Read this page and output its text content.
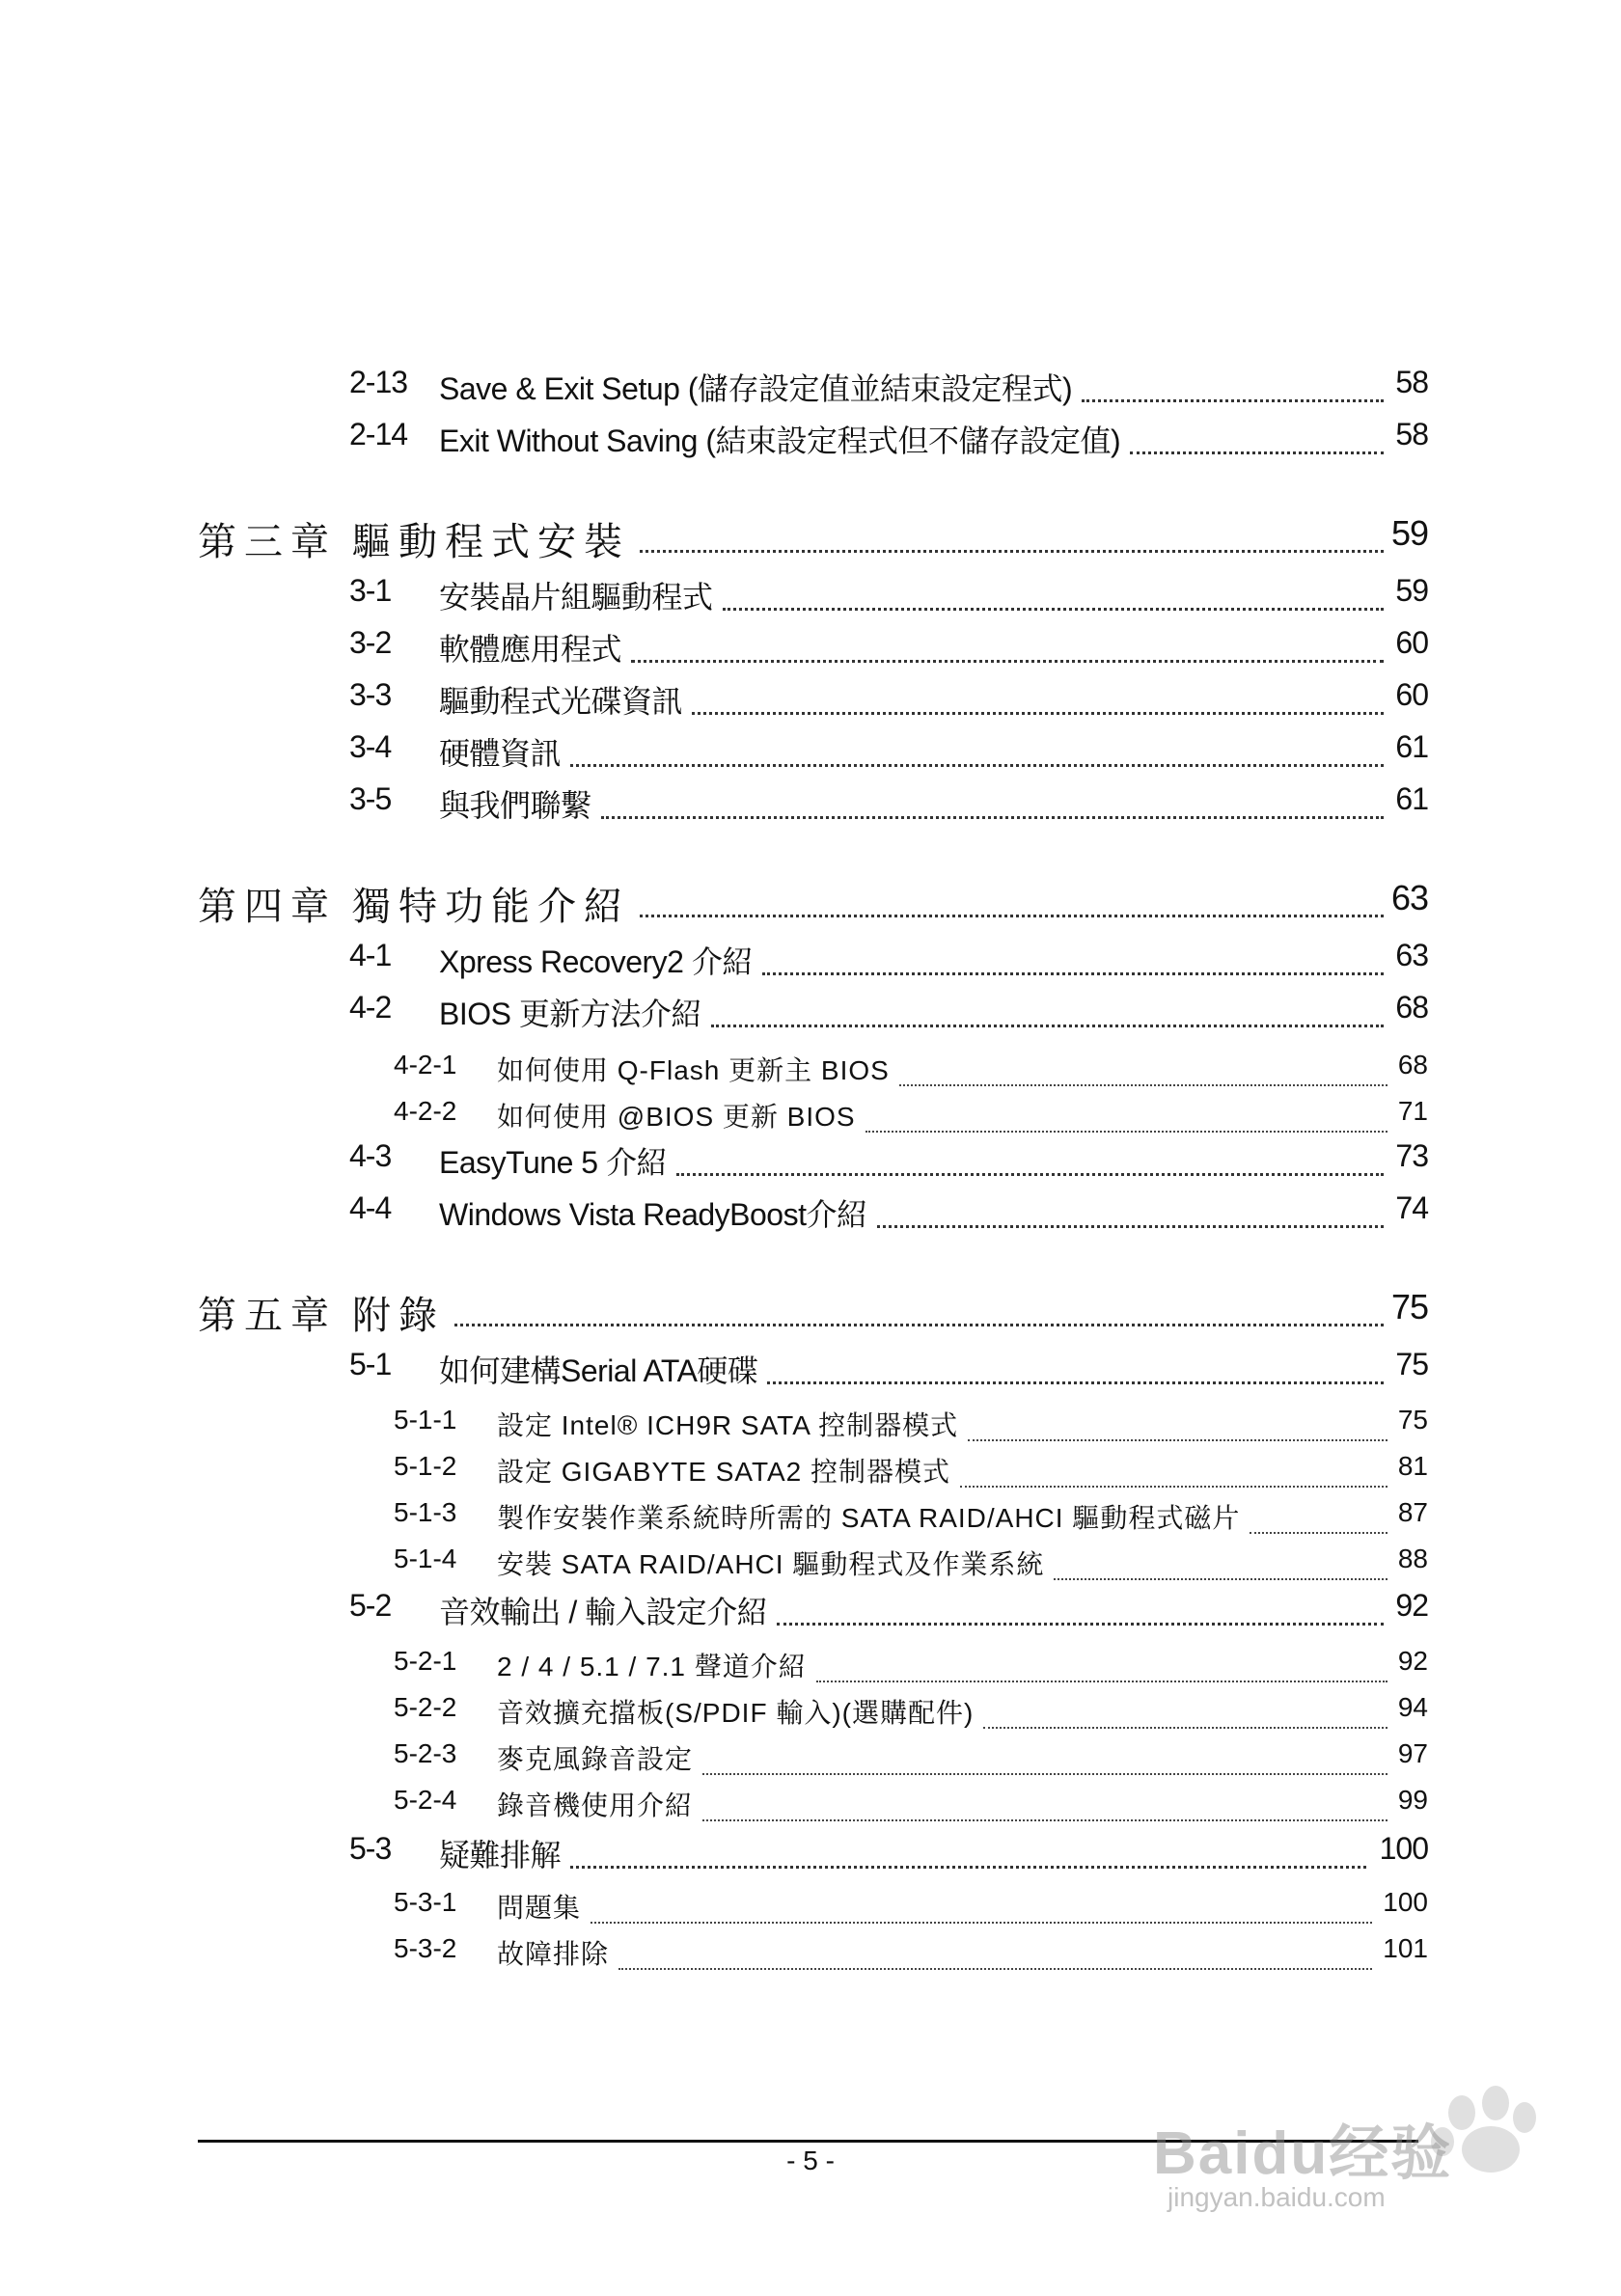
2-13 Save & Exit Setup (儲存設定值並結束設定程式)	58
2-14 Exit Without Saving (結束設定程式但不儲存設定值)	58
第三章 驅動程式安裝	59
3-1 安裝晶片組驅動程式	59
3-2 軟體應用程式	60
3-3 驅動程式光碟資訊	60
3-4 硬體資訊	61
3-5 與我們聯繫	61
第四章 獨特功能介紹	63
4-1 Xpress Recovery2 介紹	63
4-2 BIOS 更新方法介紹	68
4-2-1 如何使用 Q-Flash 更新主 BIOS	68
4-2-2 如何使用 @BIOS 更新 BIOS	71
4-3 EasyTune 5 介紹	73
4-4 Windows Vista ReadyBoost介紹	74
第五章 附錄	75
5-1 如何建構Serial ATA硬碟	75
5-1-1 設定 Intel® ICH9R SATA 控制器模式	75
5-1-2 設定 GIGABYTE SATA2 控制器模式	81
5-1-3 製作安裝作業系統時所需的 SATA RAID/AHCI 驅動程式磁片	87
5-1-4 安裝 SATA RAID/AHCI 驅動程式及作業系統	88
5-2 音效輸出 / 輸入設定介紹	92
5-2-1 2 / 4 / 5.1 / 7.1 聲道介紹	92
5-2-2 音效擴充擋板(S/PDIF 輸入)(選購配件)	94
5-2-3 麥克風錄音設定	97
5-2-4 錄音機使用介紹	99
5-3 疑難排解	100
5-3-1 問題集	100
5-3-2 故障排除	101
- 5 -	Baidu经验
jingyan.baidu.com
